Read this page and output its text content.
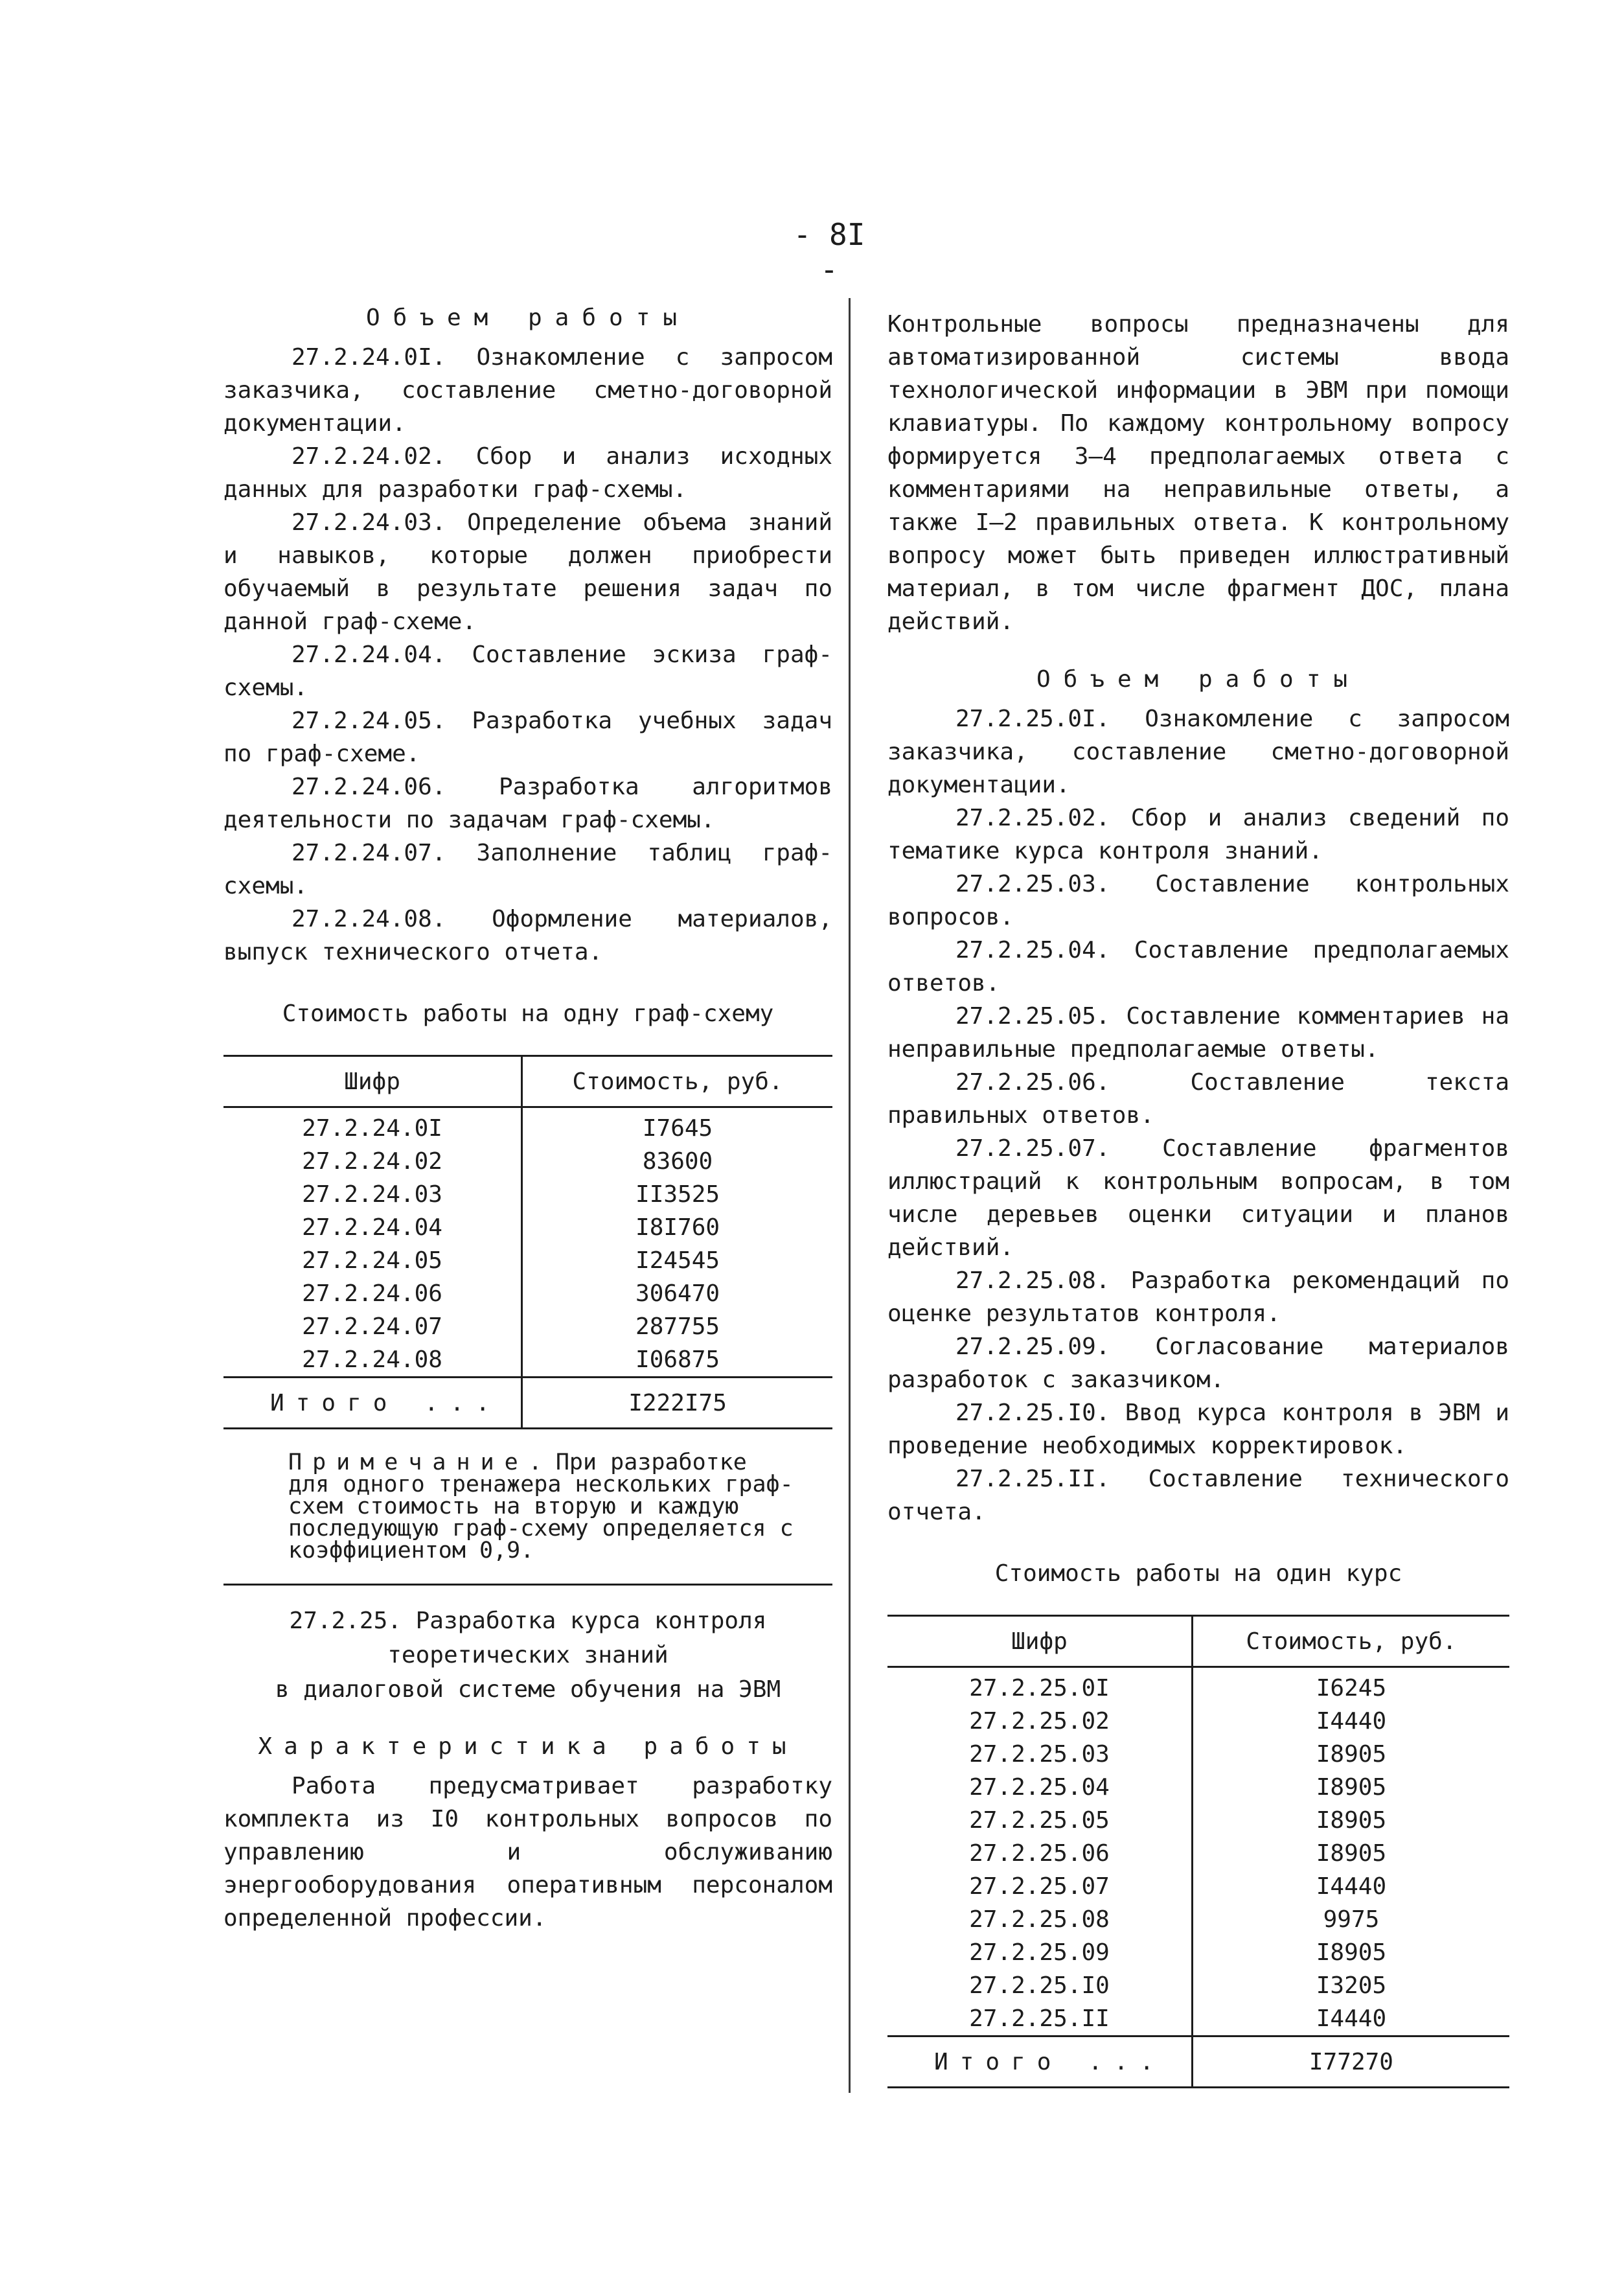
- 8I -
Объем работы

27.2.24.0I. Ознакомление с запросом заказчика, составление сметно-договорной документации.

27.2.24.02. Сбор и анализ исходных данных для разработки граф-схемы.

27.2.24.03. Определение объема знаний и навыков, которые должен приобрести обучаемый в результате решения задач по данной граф-схеме.

27.2.24.04. Составление эскиза граф-схемы.

27.2.24.05. Разработка учебных задач по граф-схеме.

27.2.24.06. Разработка алгоритмов деятельности по задачам граф-схемы.

27.2.24.07. Заполнение таблиц граф-схемы.

27.2.24.08. Оформление материалов, выпуск технического отчета.

Стоимость работы на одну граф-схему
Шифр	Стоимость, руб.
27.2.24.0I	I7645
27.2.24.02	83600
27.2.24.03	II3525
27.2.24.04	I8I760
27.2.24.05	I24545
27.2.24.06	306470
27.2.24.07	287755
27.2.24.08	I06875
Итого ...	I222I75
Примечание. При разработке для одного тренажера нескольких граф-схем стоимость на вторую и каждую последующую граф-схему определяется с коэффициентом 0,9.
27.2.25. Разработка курса контроля
теоретических знаний
в диалоговой системе обучения на ЭВМ
Характеристика работы

Работа предусматривает разработку комплекта из I0 контрольных вопросов по управлению и обслуживанию энергооборудования оперативным персоналом определенной профессии.

Контрольные вопросы предназначены для автоматизированной системы ввода технологической информации в ЭВМ при помощи клавиатуры. По каждому контрольному вопросу формируется 3–4 предполагаемых ответа с комментариями на неправильные ответы, а также I–2 правильных ответа. К контрольному вопросу может быть приведен иллюстративный материал, в том числе фрагмент ДОС, плана действий.

Объем работы

27.2.25.0I. Ознакомление с запросом заказчика, составление сметно-договорной документации.

27.2.25.02. Сбор и анализ сведений по тематике курса контроля знаний.

27.2.25.03. Составление контрольных вопросов.

27.2.25.04. Составление предполагаемых ответов.

27.2.25.05. Составление комментариев на неправильные предполагаемые ответы.

27.2.25.06. Составление текста правильных ответов.

27.2.25.07. Составление фрагментов иллюстраций к контрольным вопросам, в том числе деревьев оценки ситуации и планов действий.

27.2.25.08. Разработка рекомендаций по оценке результатов контроля.

27.2.25.09. Согласование материалов разработок с заказчиком.

27.2.25.I0. Ввод курса контроля в ЭВМ и проведение необходимых корректировок.

27.2.25.II. Составление технического отчета.

Стоимость работы на один курс
Шифр	Стоимость, руб.
27.2.25.0I	I6245
27.2.25.02	I4440
27.2.25.03	I8905
27.2.25.04	I8905
27.2.25.05	I8905
27.2.25.06	I8905
27.2.25.07	I4440
27.2.25.08	9975
27.2.25.09	I8905
27.2.25.I0	I3205
27.2.25.II	I4440
Итого ...	I77270
